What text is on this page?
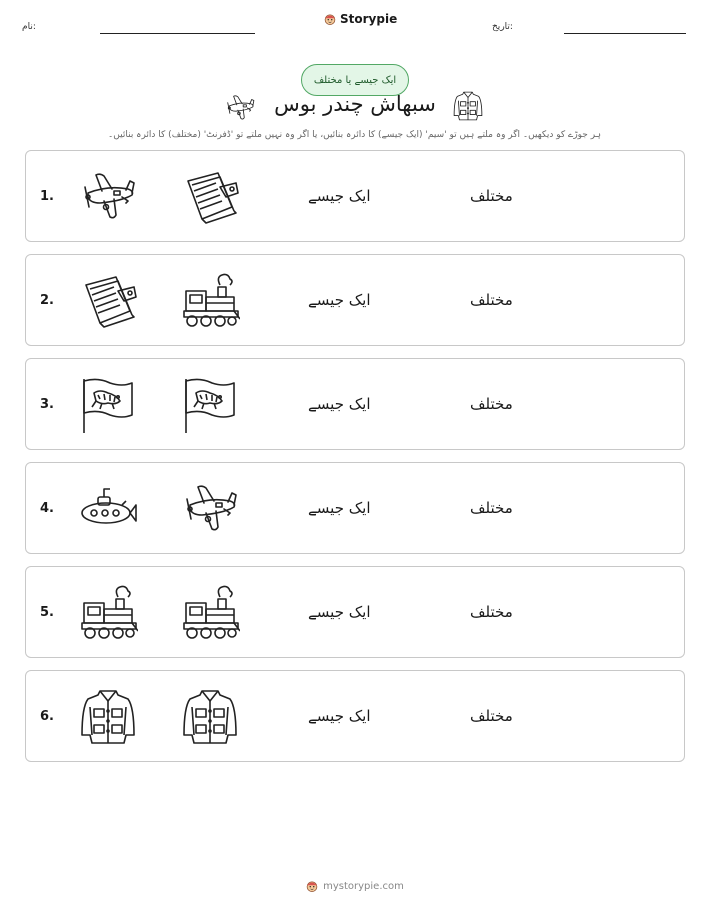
نام:
Storypie
تاریخ:
ایک جیسے یا مختلف
سبھاش چندر بوس
ہر جوڑے کو دیکھیں۔ اگر وہ ملتے ہیں تو 'سیم' (ایک جیسے) کا دائرہ بنائیں، یا اگر وہ نہیں ملتے تو 'ڈفرنٹ' (مختلف) کا دائرہ بنائیں۔
1.	ایک جیسے	مختلف
2.	ایک جیسے	مختلف
3.	ایک جیسے	مختلف
4.	ایک جیسے	مختلف
5.	ایک جیسے	مختلف
6.	ایک جیسے	مختلف
mystorypie.com
